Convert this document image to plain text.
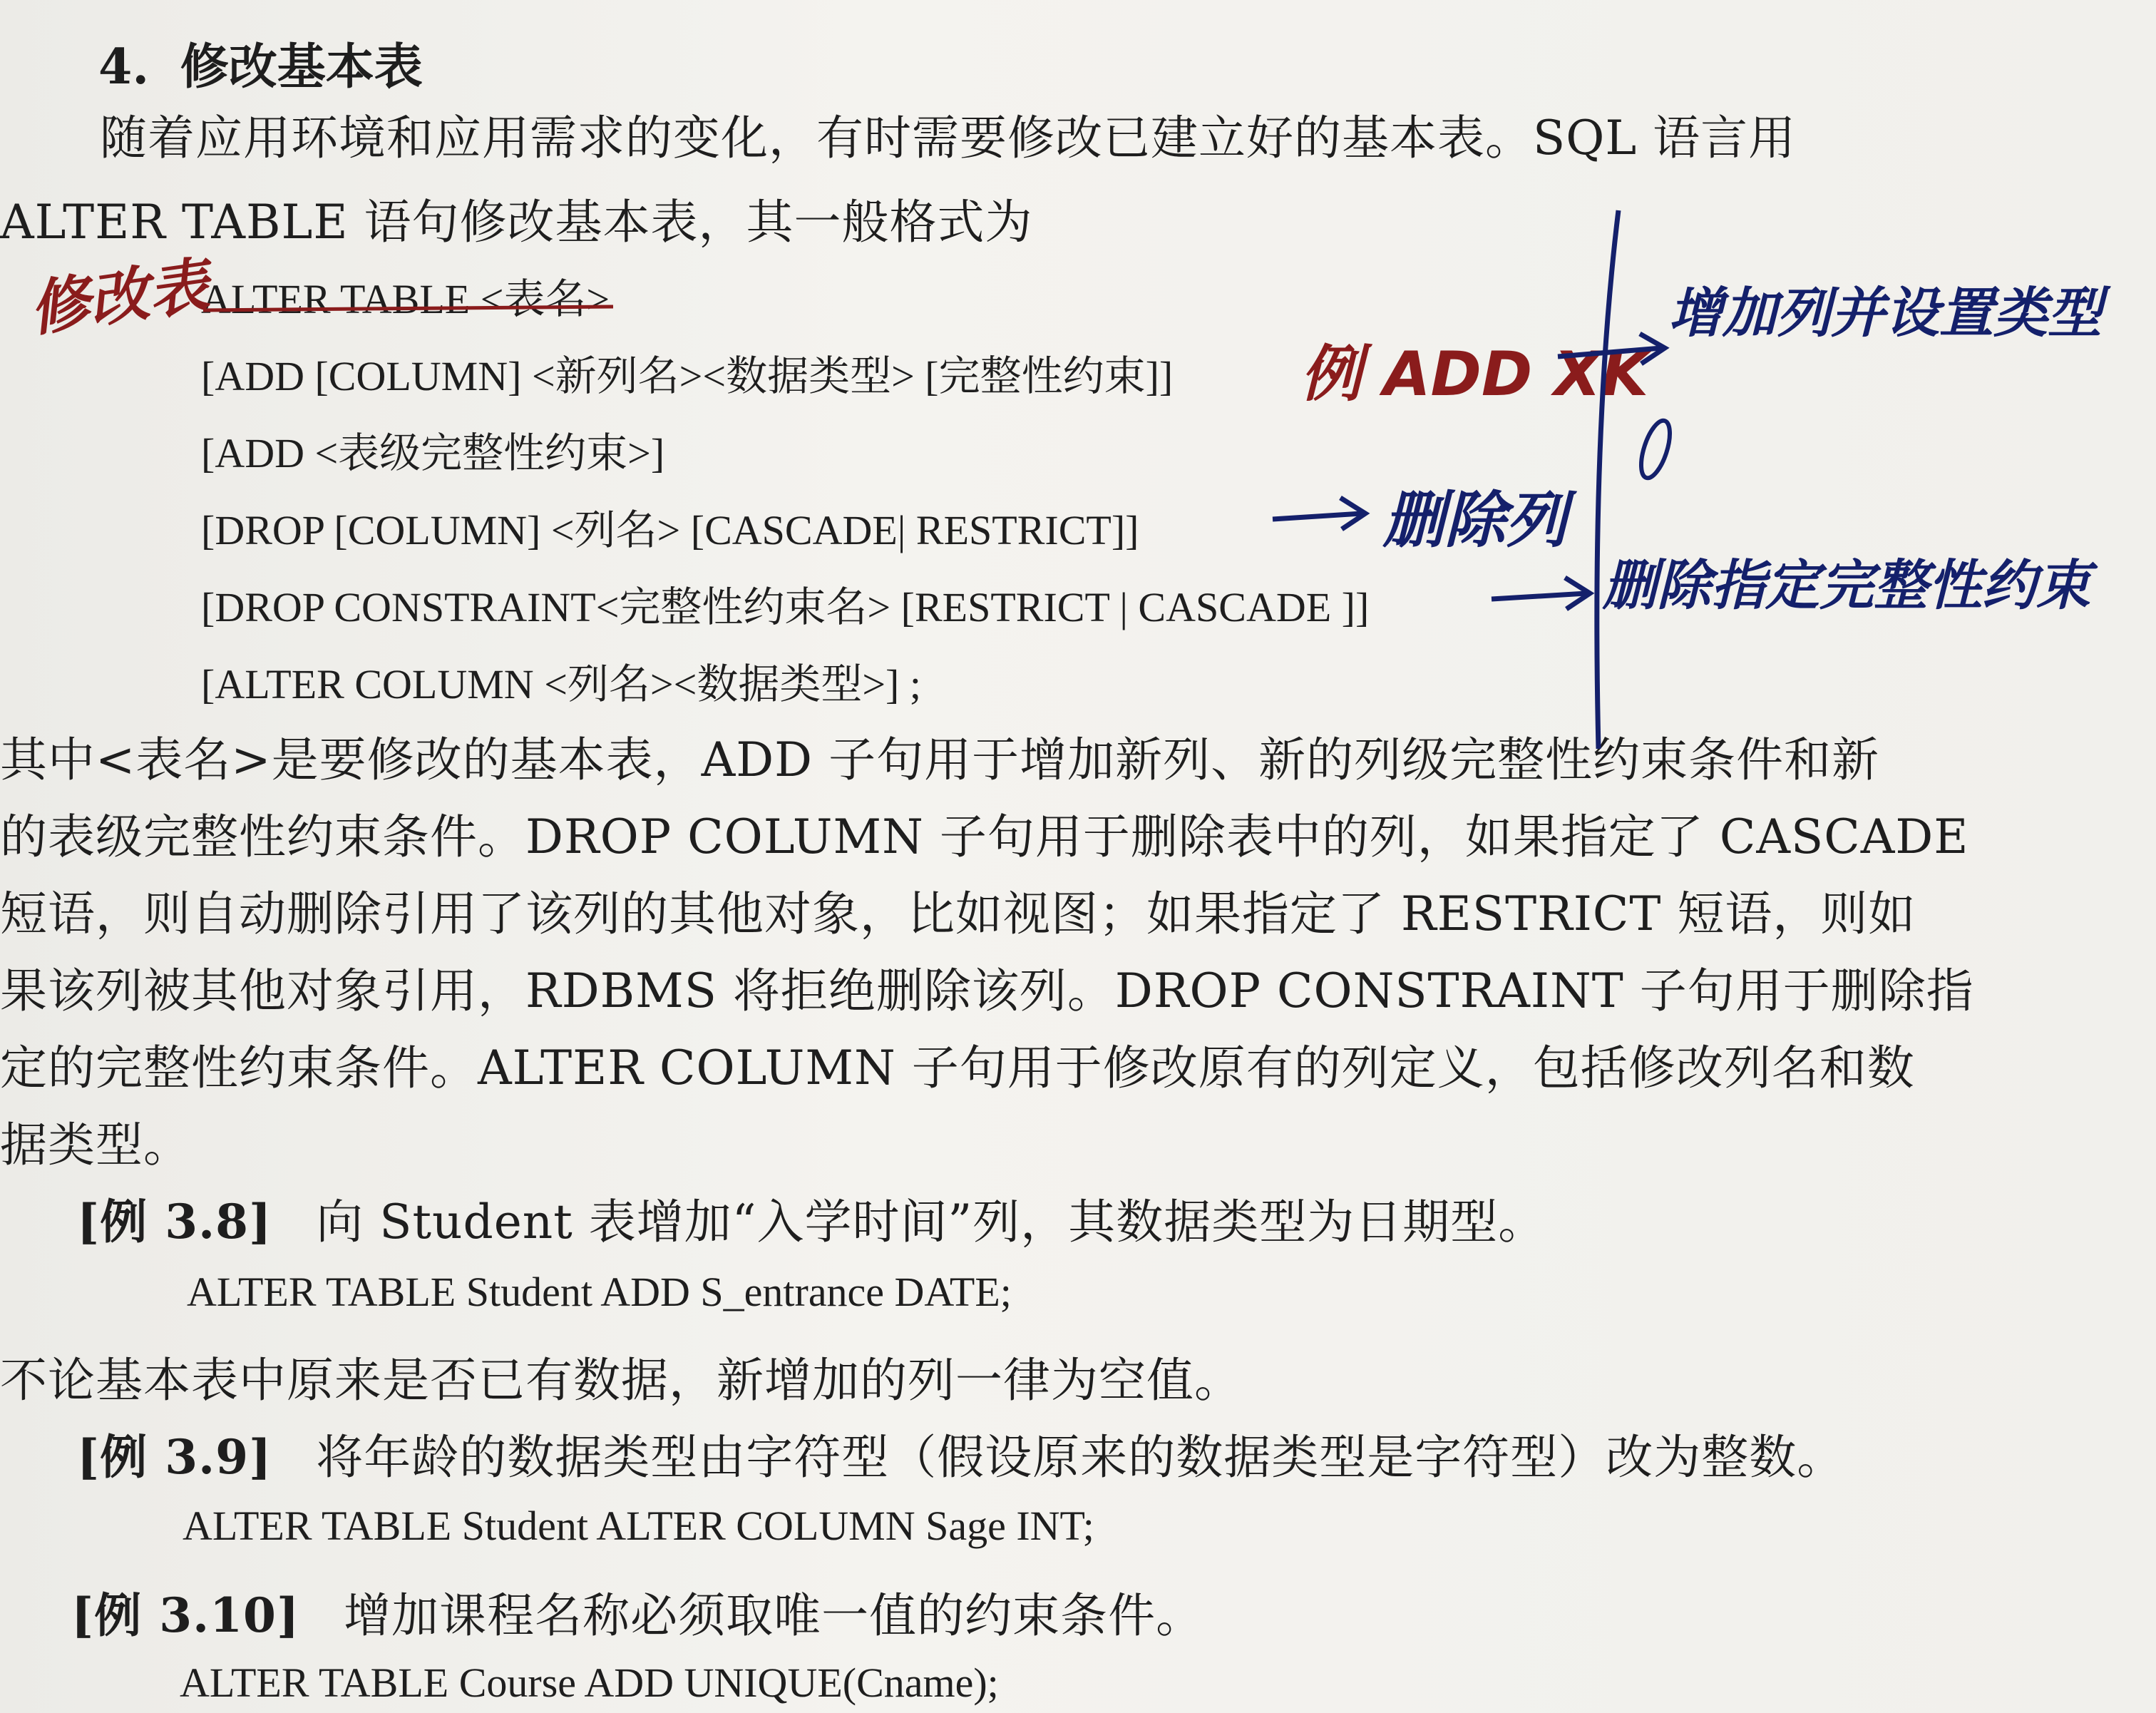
4. 修改基本表
随着应用环境和应用需求的变化，有时需要修改已建立好的基本表。SQL 语言用
ALTER TABLE 语句修改基本表，其一般格式为
ALTER TABLE <表名>
[ADD [COLUMN] <新列名><数据类型> [完整性约束]]
[ADD <表级完整性约束>]
[DROP [COLUMN] <列名> [CASCADE| RESTRICT]]
[DROP CONSTRAINT<完整性约束名> [RESTRICT | CASCADE ]]
[ALTER COLUMN <列名><数据类型>] ;
其中<表名>是要修改的基本表，ADD 子句用于增加新列、新的列级完整性约束条件和新
的表级完整性约束条件。DROP COLUMN 子句用于删除表中的列，如果指定了 CASCADE
短语，则自动删除引用了该列的其他对象，比如视图；如果指定了 RESTRICT 短语，则如
果该列被其他对象引用，RDBMS 将拒绝删除该列。DROP CONSTRAINT 子句用于删除指
定的完整性约束条件。ALTER COLUMN 子句用于修改原有的列定义，包括修改列名和数
据类型。
[例 3.8] 向 Student 表增加“入学时间”列，其数据类型为日期型。
ALTER TABLE Student ADD S_entrance DATE;
不论基本表中原来是否已有数据，新增加的列一律为空值。
[例 3.9] 将年龄的数据类型由字符型（假设原来的数据类型是字符型）改为整数。
ALTER TABLE Student ALTER COLUMN Sage INT;
[例 3.10] 增加课程名称必须取唯一值的约束条件。
ALTER TABLE Course ADD UNIQUE(Cname);
修改表
例 ADD XK
增加列并设置类型
删除列
删除指定完整性约束
